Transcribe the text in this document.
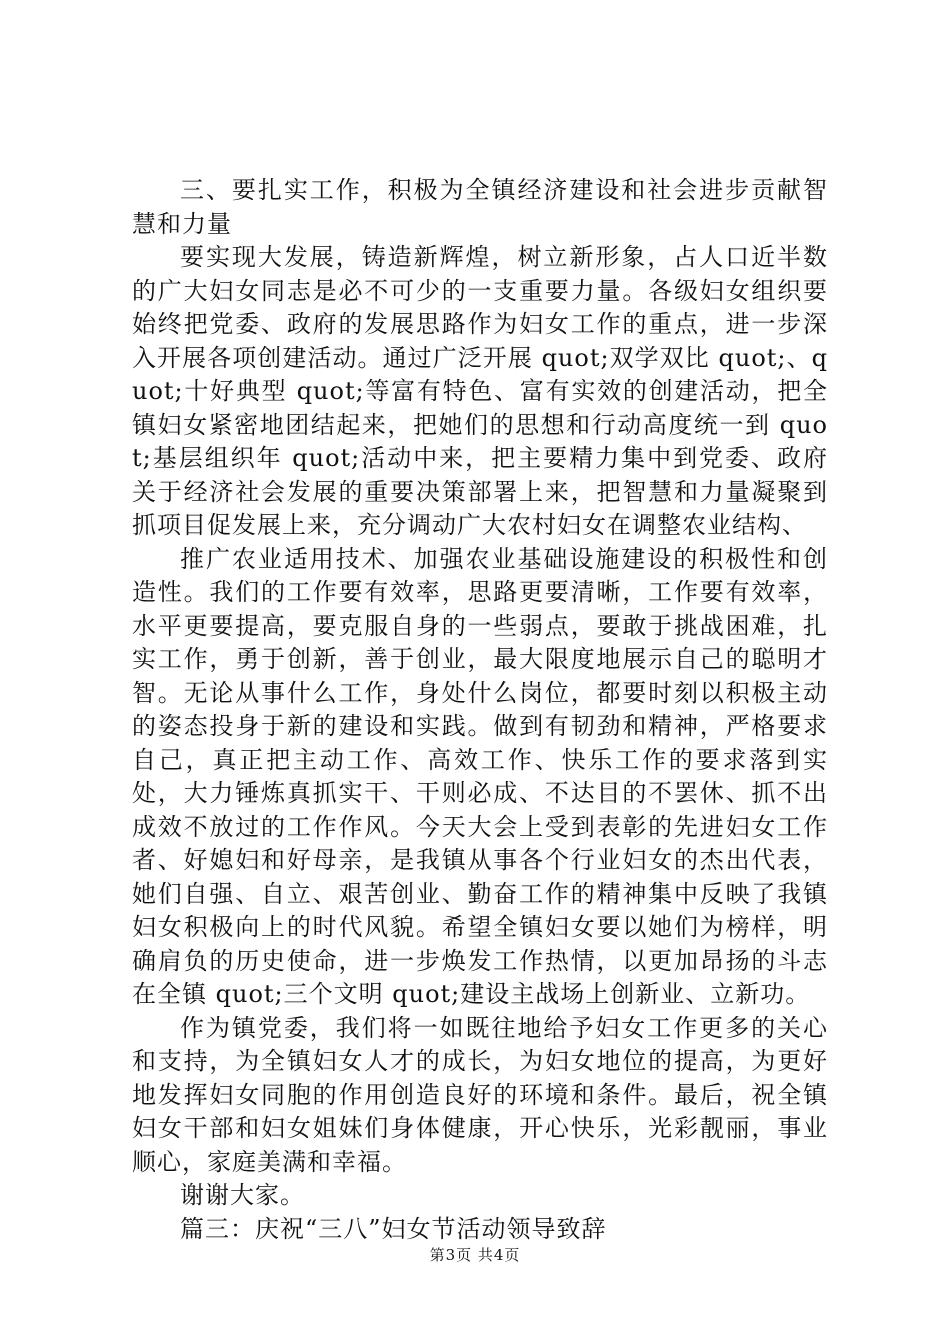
三、要扎实工作，积极为全镇经济建设和社会进步贡献智慧和力量

要实现大发展，铸造新辉煌，树立新形象，占人口近半数的广大妇女同志是必不可少的一支重要力量。各级妇女组织要始终把党委、政府的发展思路作为妇女工作的重点，进一步深入开展各项创建活动。通过广泛开展 quot;双学双比 quot;、quot;十好典型 quot;等富有特色、富有实效的创建活动，把全镇妇女紧密地团结起来，把她们的思想和行动高度统一到 quot;基层组织年 quot;活动中来，把主要精力集中到党委、政府关于经济社会发展的重要决策部署上来，把智慧和力量凝聚到抓项目促发展上来，充分调动广大农村妇女在调整农业结构、

推广农业适用技术、加强农业基础设施建设的积极性和创造性。我们的工作要有效率，思路更要清晰，工作要有效率，水平更要提高，要克服自身的一些弱点，要敢于挑战困难，扎实工作，勇于创新，善于创业，最大限度地展示自己的聪明才智。无论从事什么工作，身处什么岗位，都要时刻以积极主动的姿态投身于新的建设和实践。做到有韧劲和精神，严格要求自己，真正把主动工作、高效工作、快乐工作的要求落到实处，大力锤炼真抓实干、干则必成、不达目的不罢休、抓不出成效不放过的工作作风。今天大会上受到表彰的先进妇女工作者、好媳妇和好母亲，是我镇从事各个行业妇女的杰出代表，她们自强、自立、艰苦创业、勤奋工作的精神集中反映了我镇妇女积极向上的时代风貌。希望全镇妇女要以她们为榜样，明确肩负的历史使命，进一步焕发工作热情，以更加昂扬的斗志在全镇 quot;三个文明 quot;建设主战场上创新业、立新功。

作为镇党委，我们将一如既往地给予妇女工作更多的关心和支持，为全镇妇女人才的成长，为妇女地位的提高，为更好地发挥妇女同胞的作用创造良好的环境和条件。最后，祝全镇妇女干部和妇女姐妹们身体健康，开心快乐，光彩靓丽，事业顺心，家庭美满和幸福。

谢谢大家。

篇三：庆祝“三八”妇女节活动领导致辞

第3页 共4页
